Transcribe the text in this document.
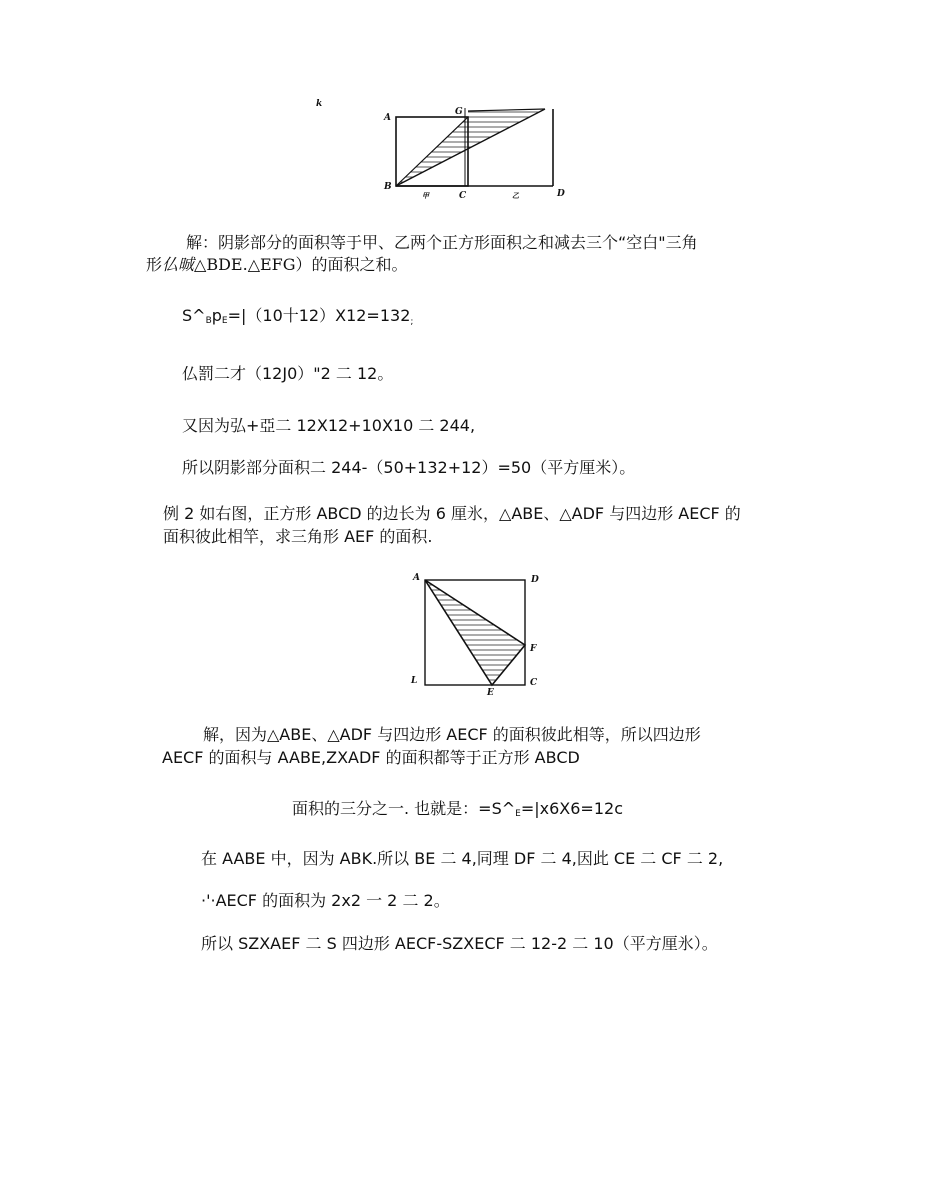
k
A
G
B
C	D
甲	乙
解：阴影部分的面积等于甲、乙两个正方形面积之和减去三个“空白"三角
形仏晠△BDE.△EFG）的面积之和。
$S\^{}_Bp_E=|(10$十12）X12=132;
仏罰二才（12J0）"2 二 12。
又因为弘+亞二 12X12+10X10 二 244,
所以阴影部分面积二 244-（50+132+12）=50（平方厘米）。
例 2 如右图，正方形 ABCD 的边长为 6 厘氷，△ABE、△ADF 与四边形 AECF 的
面积彼此相竿，求三角形 AEF 的面积.
A	D
F
L
E
C
解，因为△ABE、△ADF 与四边形 AECF 的面积彼此相等，所以四边形
AECF 的面积与 AABE,ZXADF 的面积都等于正方形 ABCD
面积的三分之一. 也就是：$=S\^{}_E=|x6X6=12c$
在 AABE 中，因为 ABK.所以 BE 二 4,同理 DF 二 4,因此 CE 二 CF 二 2,
·'·AECF 的面积为 2x2 一 2 二 2。
所以 SZXAEF 二 S 四边形 AECF-SZXECF 二 12-2 二 10（平方厘氷）。
